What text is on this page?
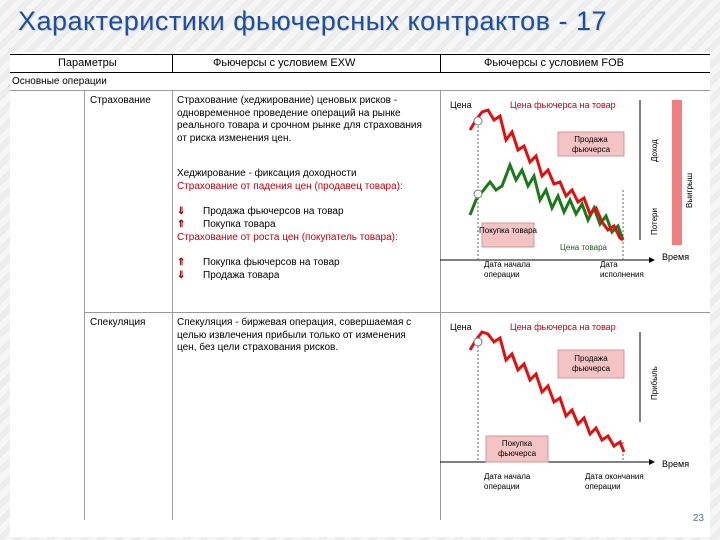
Характеристики фьючерсных контрактов - 17
Параметры	Фьючерсы с условием EXW	Фьючерсы с условием FOB
Основные операции
Страхование	Страхование (хеджирование) ценовых рисков - одновременное проведение операций на рынке реального товара и срочном рынке для страхования от риска изменения цен.
Хеджирование - фиксация доходности
Страхование от падения цен (продавец товара):
⇓ Продажа фьючерсов на товар
⇑ Покупка товара
Страхование от роста цен (покупатель товара):
⇑ Покупка фьючерсов на товар
⇓ Продажа товара
Спекуляция	Спекуляция - биржевая операция, совершаемая с целью извлечения прибыли только от изменения цен, без цели страхования рисков.
Цена
Время
Цена фьючерса на товар
Продажа фьючерса
Покупка товара
Цена товара
Дата начала операции
Дата исполнения
Доход
Потери
Выигрыш
Цена
Время
Цена фьючерса на товар
Продажа фьючерса
Покупка фьючерса
Дата начала операции
Дата окончания операции
Прибыль
23
